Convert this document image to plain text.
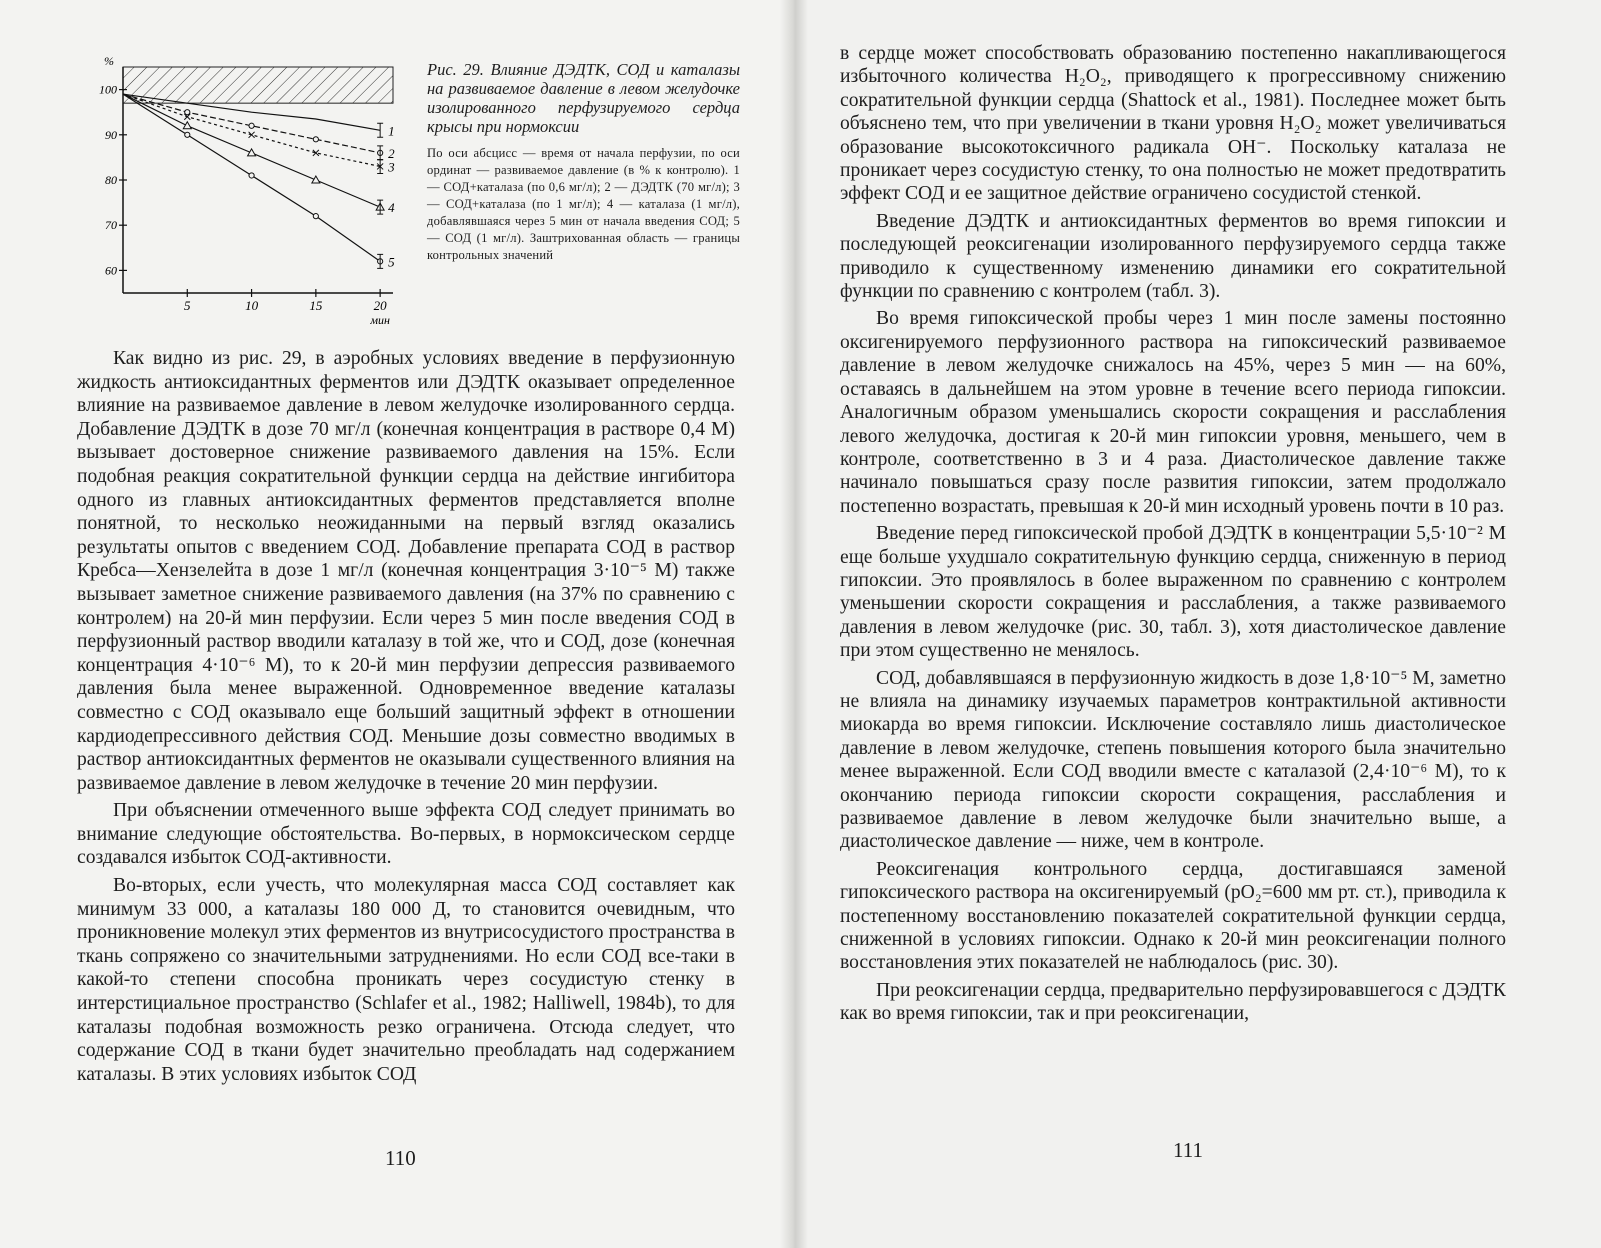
100
90
80
70
60
5	10	15	20
%
мин
1
2
3
4
5

Рис. 29. Влияние ДЭДТК, СОД и каталазы на развиваемое давление в левом желудочке изолированного перфузируемого сердца крысы при нормоксии

По оси абсцисс — время от начала перфузии, по оси ординат — развиваемое давление (в % к контролю). 1 — СОД+каталаза (по 0,6 мг/л); 2 — ДЭДТК (70 мг/л); 3 — СОД+каталаза (по 1 мг/л); 4 — каталаза (1 мг/л), добавлявшаяся через 5 мин от начала введения СОД; 5 — СОД (1 мг/л). Заштрихованная область — границы контрольных значений

Как видно из рис. 29, в аэробных условиях введение в перфузионную жидкость антиоксидантных ферментов или ДЭДТК оказывает определенное влияние на развиваемое давление в левом желудочке изолированного сердца. Добавление ДЭДТК в дозе 70 мг/л (конечная концентрация в растворе 0,4 М) вызывает достоверное снижение развиваемого давления на 15%. Если подобная реакция сократительной функции сердца на действие ингибитора одного из главных антиоксидантных ферментов представляется вполне понятной, то несколько неожиданными на первый взгляд оказались результаты опытов с введением СОД. Добавление препарата СОД в раствор Кребса—Хензелейта в дозе 1 мг/л (конечная концентрация 3·10⁻⁵ М) также вызывает заметное снижение развиваемого давления (на 37% по сравнению с контролем) на 20-й мин перфузии. Если через 5 мин после введения СОД в перфузионный раствор вводили каталазу в той же, что и СОД, дозе (конечная концентрация 4·10⁻⁶ М), то к 20-й мин перфузии депрессия развиваемого давления была менее выраженной. Одновременное введение каталазы совместно с СОД оказывало еще больший защитный эффект в отношении кардиодепрессивного действия СОД. Меньшие дозы совместно вводимых в раствор антиоксидантных ферментов не оказывали существенного влияния на развиваемое давление в левом желудочке в течение 20 мин перфузии.

При объяснении отмеченного выше эффекта СОД следует принимать во внимание следующие обстоятельства. Во-первых, в нормоксическом сердце создавался избыток СОД-активности.

Во-вторых, если учесть, что молекулярная масса СОД составляет как минимум 33 000, а каталазы 180 000 Д, то становится очевидным, что проникновение молекул этих ферментов из внутрисосудистого пространства в ткань сопряжено со значительными затруднениями. Но если СОД все-таки в какой-то степени способна проникать через сосудистую стенку в интерстициальное пространство (Schlafer et al., 1982; Halliwell, 1984b), то для каталазы подобная возможность резко ограничена. Отсюда следует, что содержание СОД в ткани будет значительно преобладать над содержанием каталазы. В этих условиях избыток СОД

110

в сердце может способствовать образованию постепенно накапливающегося избыточного количества H₂O₂, приводящего к прогрессивному снижению сократительной функции сердца (Shattock et al., 1981). Последнее может быть объяснено тем, что при увеличении в ткани уровня H₂O₂ может увеличиваться образование высокотоксичного радикала OH⁻. Поскольку каталаза не проникает через сосудистую стенку, то она полностью не может предотвратить эффект СОД и ее защитное действие ограничено сосудистой стенкой.

Введение ДЭДТК и антиоксидантных ферментов во время гипоксии и последующей реоксигенации изолированного перфузируемого сердца также приводило к существенному изменению динамики его сократительной функции по сравнению с контролем (табл. 3).

Во время гипоксической пробы через 1 мин после замены постоянно оксигенируемого перфузионного раствора на гипоксический развиваемое давление в левом желудочке снижалось на 45%, через 5 мин — на 60%, оставаясь в дальнейшем на этом уровне в течение всего периода гипоксии. Аналогичным образом уменьшались скорости сокращения и расслабления левого желудочка, достигая к 20-й мин гипоксии уровня, меньшего, чем в контроле, соответственно в 3 и 4 раза. Диастолическое давление также начинало повышаться сразу после развития гипоксии, затем продолжало постепенно возрастать, превышая к 20-й мин исходный уровень почти в 10 раз.

Введение перед гипоксической пробой ДЭДТК в концентрации 5,5·10⁻² М еще больше ухудшало сократительную функцию сердца, сниженную в период гипоксии. Это проявлялось в более выраженном по сравнению с контролем уменьшении скорости сокращения и расслабления, а также развиваемого давления в левом желудочке (рис. 30, табл. 3), хотя диастолическое давление при этом существенно не менялось.

СОД, добавлявшаяся в перфузионную жидкость в дозе 1,8·10⁻⁵ М, заметно не влияла на динамику изучаемых параметров контрактильной активности миокарда во время гипоксии. Исключение составляло лишь диастолическое давление в левом желудочке, степень повышения которого была значительно менее выраженной. Если СОД вводили вместе с каталазой (2,4·10⁻⁶ М), то к окончанию периода гипоксии скорости сокращения, расслабления и развиваемое давление в левом желудочке были значительно выше, а диастолическое давление — ниже, чем в контроле.

Реоксигенация контрольного сердца, достигавшаяся заменой гипоксического раствора на оксигенируемый (pO₂=600 мм рт. ст.), приводила к постепенному восстановлению показателей сократительной функции сердца, сниженной в условиях гипоксии. Однако к 20-й мин реоксигенации полного восстановления этих показателей не наблюдалось (рис. 30).

При реоксигенации сердца, предварительно перфузировавшегося с ДЭДТК как во время гипоксии, так и при реоксигенации,

111
